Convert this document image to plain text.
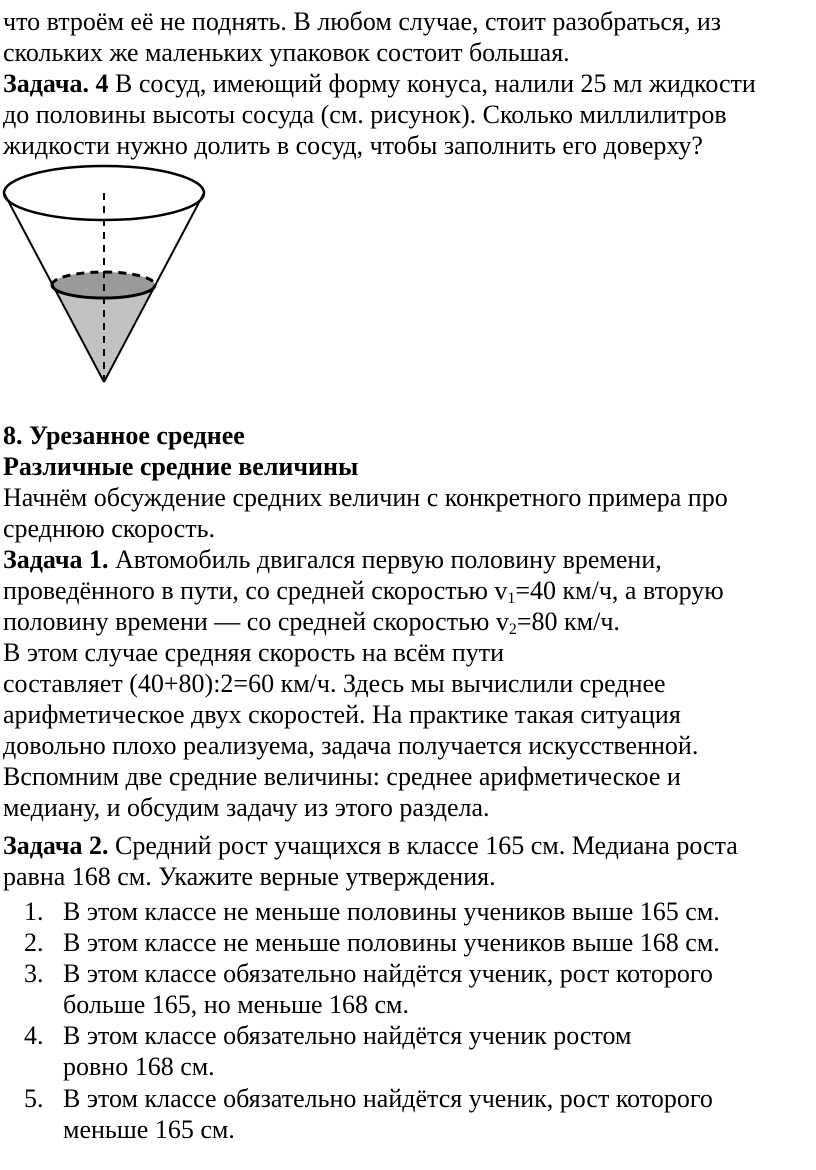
что втроём её не поднять. В любом случае, стоит разобраться, из
скольких же маленьких упаковок состоит большая.
Задача. 4 В сосуд, имеющий форму конуса, налили 25 мл жидкости
до половины высоты сосуда (см. рисунок). Сколько миллилитров
жидкости нужно долить в сосуд, чтобы заполнить его доверху?
8. Урезанное среднее
Различные средние величины
Начнём обсуждение средних величин с конкретного примера про
среднюю скорость.
Задача 1. Автомобиль двигался первую половину времени,
проведённого в пути, со средней скоростью $v_1=40$ км/ч, а вторую
половину времени — со средней скоростью $v_2=80$ км/ч.
В этом случае средняя скорость на всём пути
составляет (40+80):2=60 км/ч. Здесь мы вычислили среднее
арифметическое двух скоростей. На практике такая ситуация
довольно плохо реализуема, задача получается искусственной.
Вспомним две средние величины: среднее арифметическое и
медиану, и обсудим задачу из этого раздела.
Задача 2. Средний рост учащихся в классе 165 см. Медиана роста
равна 168 см. Укажите верные утверждения.
1. В этом классе не меньше половины учеников выше 165 см.
2. В этом классе не меньше половины учеников выше 168 см.
3. В этом классе обязательно найдётся ученик, рост которого
больше 165, но меньше 168 см.
4. В этом классе обязательно найдётся ученик ростом
ровно 168 см.
5. В этом классе обязательно найдётся ученик, рост которого
меньше 165 см.
